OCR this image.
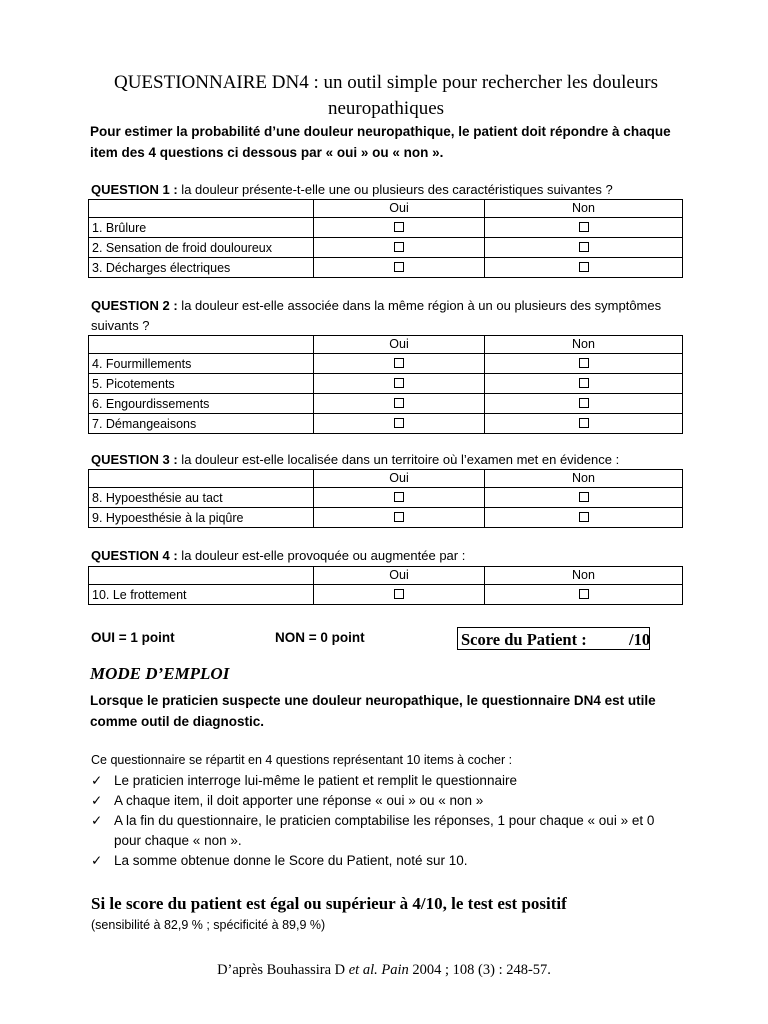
QUESTIONNAIRE DN4 : un outil simple pour rechercher les douleurs neuropathiques
Pour estimer la probabilité d’une douleur neuropathique, le patient doit répondre à chaque item des 4 questions ci dessous par « oui » ou « non ».
QUESTION 1 : la douleur présente-t-elle une ou plusieurs des caractéristiques suivantes ?
	Oui	Non
1. Brûlure		
2. Sensation de froid douloureux		
3. Décharges électriques		
QUESTION 2 : la douleur est-elle associée dans la même région à un ou plusieurs des symptômes suivants ?
	Oui	Non
4. Fourmillements		
5. Picotements		
6. Engourdissements		
7. Démangeaisons		
QUESTION 3 : la douleur est-elle localisée dans un territoire où l’examen met en évidence :
	Oui	Non
8. Hypoesthésie au tact		
9. Hypoesthésie à la piqûre		
QUESTION 4 : la douleur est-elle provoquée ou augmentée par :
	Oui	Non
10. Le frottement		
OUI = 1 point	NON = 0 point	Score du Patient :	/10
MODE D’EMPLOI
Lorsque le praticien suspecte une douleur neuropathique, le questionnaire DN4 est utile comme outil de diagnostic.
Ce questionnaire se répartit en 4 questions représentant 10 items à cocher :
✓ Le praticien interroge lui-même le patient et remplit le questionnaire
✓ A chaque item, il doit apporter une réponse « oui » ou « non »
✓ A la fin du questionnaire, le praticien comptabilise les réponses, 1 pour chaque « oui » et 0 pour chaque « non ».
✓ La somme obtenue donne le Score du Patient, noté sur 10.
Si le score du patient est égal ou supérieur à 4/10, le test est positif
(sensibilité à 82,9 % ; spécificité à 89,9 %)
D’après Bouhassira D et al. Pain 2004 ; 108 (3) : 248-57.
